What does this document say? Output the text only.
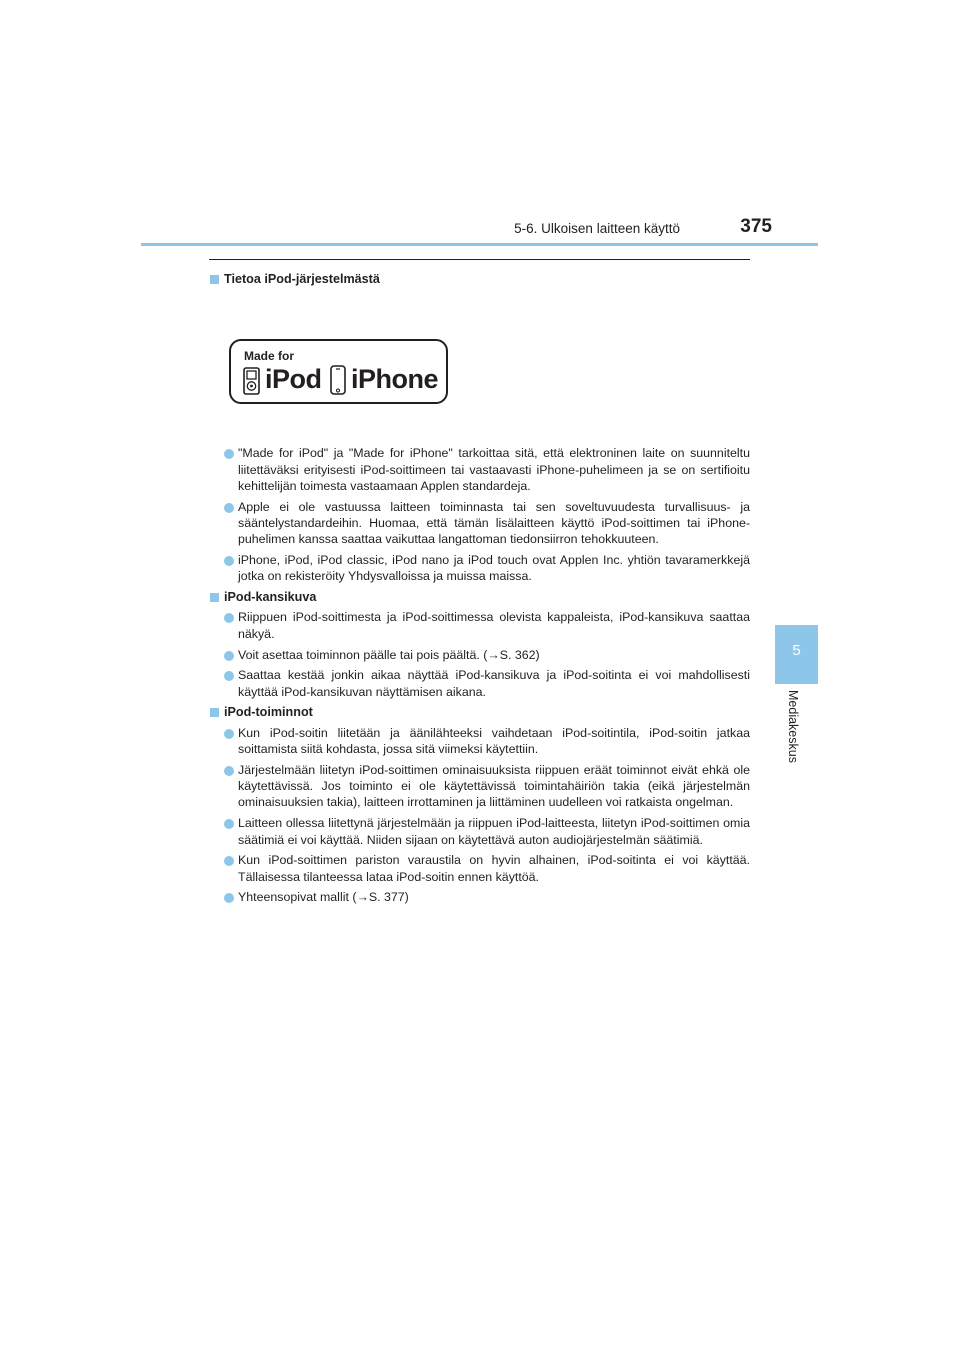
5-6. Ulkoisen laitteen käyttö	375
5
Mediakeskus
Tietoa iPod-järjestelmästä
Made for
iPod iPhone
"Made for iPod" ja "Made for iPhone" tarkoittaa sitä, että elektroninen laite on suunniteltu liitettäväksi erityisesti iPod-soittimeen tai vastaavasti iPhone-puhelimeen ja se on sertifioitu kehittelijän toimesta vastaamaan Applen standardeja.
Apple ei ole vastuussa laitteen toiminnasta tai sen soveltuvuudesta turvallisuus- ja sääntelystandardeihin. Huomaa, että tämän lisälaitteen käyttö iPod-soittimen tai iPhone-puhelimen kanssa saattaa vaikuttaa langattoman tiedonsiirron tehokkuuteen.
iPhone, iPod, iPod classic, iPod nano ja iPod touch ovat Applen Inc. yhtiön tavaramerkkejä jotka on rekisteröity Yhdysvalloissa ja muissa maissa.
iPod-kansikuva
Riippuen iPod-soittimesta ja iPod-soittimessa olevista kappaleista, iPod-kansikuva saattaa näkyä.
Voit asettaa toiminnon päälle tai pois päältä. (→S. 362)
Saattaa kestää jonkin aikaa näyttää iPod-kansikuva ja iPod-soitinta ei voi mahdollisesti käyttää iPod-kansikuvan näyttämisen aikana.
iPod-toiminnot
Kun iPod-soitin liitetään ja äänilähteeksi vaihdetaan iPod-soitintila, iPod-soitin jatkaa soittamista siitä kohdasta, jossa sitä viimeksi käytettiin.
Järjestelmään liitetyn iPod-soittimen ominaisuuksista riippuen eräät toiminnot eivät ehkä ole käytettävissä. Jos toiminto ei ole käytettävissä toimintahäiriön takia (eikä järjestelmän ominaisuuksien takia), laitteen irrottaminen ja liittäminen uudelleen voi ratkaista ongelman.
Laitteen ollessa liitettynä järjestelmään ja riippuen iPod-laitteesta, liitetyn iPod-soittimen omia säätimiä ei voi käyttää. Niiden sijaan on käytettävä auton audiojärjestelmän säätimiä.
Kun iPod-soittimen pariston varaustila on hyvin alhainen, iPod-soitinta ei voi käyttää. Tällaisessa tilanteessa lataa iPod-soitin ennen käyttöä.
Yhteensopivat mallit (→S. 377)
